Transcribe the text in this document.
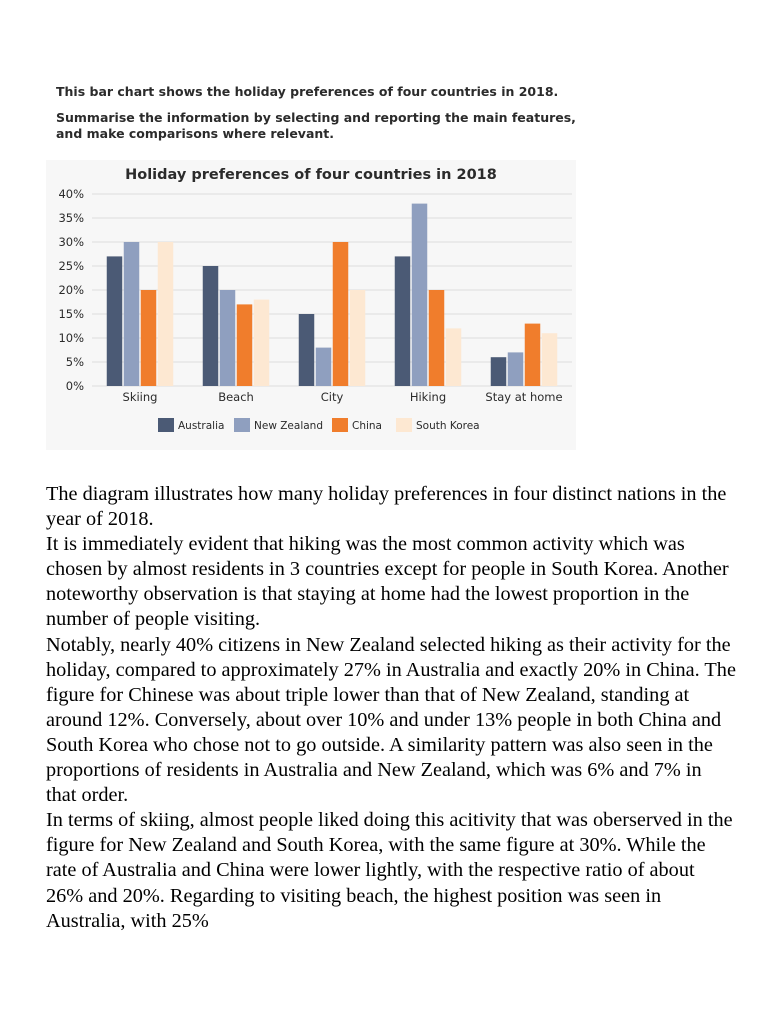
This bar chart shows the holiday preferences of four countries in 2018.

Summarise the information by selecting and reporting the main features, and make comparisons where relevant.

Holiday preferences of four countries in 2018
0%
5%
10%
15%
20%
25%
30%
35%
40%
Skiing	Beach	City	Hiking	Stay at home
Australia	New Zealand	China	South Korea

The diagram illustrates how many holiday preferences in four distinct nations in the year of 2018.

It is immediately evident that hiking was the most common activity which was chosen by almost residents in 3 countries except for people in South Korea. Another noteworthy observation is that staying at home had the lowest proportion in the number of people visiting.

Notably, nearly 40% citizens in New Zealand selected hiking as their activity for the holiday, compared to approximately 27% in Australia and exactly 20% in China. The figure for Chinese was about triple lower than that of New Zealand, standing at around 12%. Conversely, about over 10% and under 13% people in both China and South Korea who chose not to go outside. A similarity pattern was also seen in the proportions of residents in Australia and New Zealand, which was 6% and 7% in that order.

In terms of skiing, almost people liked doing this acitivity that was oberserved in the figure for New Zealand and South Korea, with the same figure at 30%. While the rate of Australia and China were lower lightly, with the respective ratio of about 26% and 20%. Regarding to visiting beach, the highest position was seen in Australia, with 25%
